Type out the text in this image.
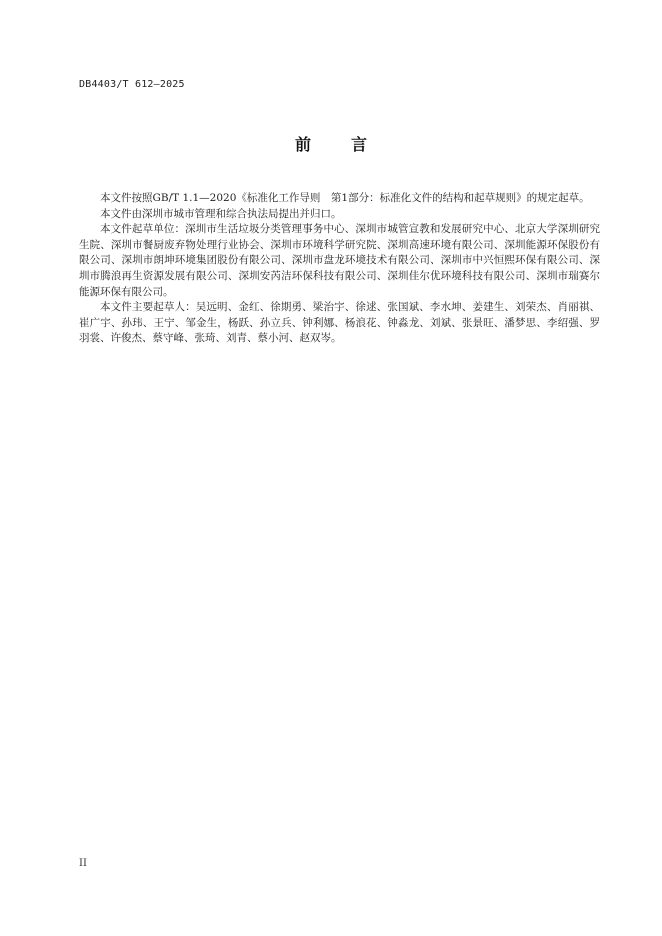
DB4403/T 612—2025
前	言

本文件按照GB/T 1.1—2020《标准化工作导则　第1部分：标准化文件的结构和起草规则》的规定起草。

本文件由深圳市城市管理和综合执法局提出并归口。

本文件起草单位：深圳市生活垃圾分类管理事务中心、深圳市城管宣教和发展研究中心、北京大学深圳研究生院、深圳市餐厨废弃物处理行业协会、深圳市环境科学研究院、深圳高速环境有限公司、深圳能源环保股份有限公司、深圳市朗坤环境集团股份有限公司、深圳市盘龙环境技术有限公司、深圳市中兴恒熙环保有限公司、深圳市腾浪再生资源发展有限公司、深圳安芮洁环保科技有限公司、深圳佳尔优环境科技有限公司、深圳市瑞赛尔能源环保有限公司。

本文件主要起草人：吴远明、金红、徐期勇、梁治宇、徐逑、张国斌、李水坤、姜建生、刘荣杰、肖丽祺、崔广宇、孙玮、王宁、邹金生，杨跃、孙立兵、钟利娜、杨浪花、钟淼龙、刘斌、张景旺、潘梦思、李绍强、罗羽裳、许俊杰、蔡守峰、张琦、刘青、蔡小河、赵双岑。

II
